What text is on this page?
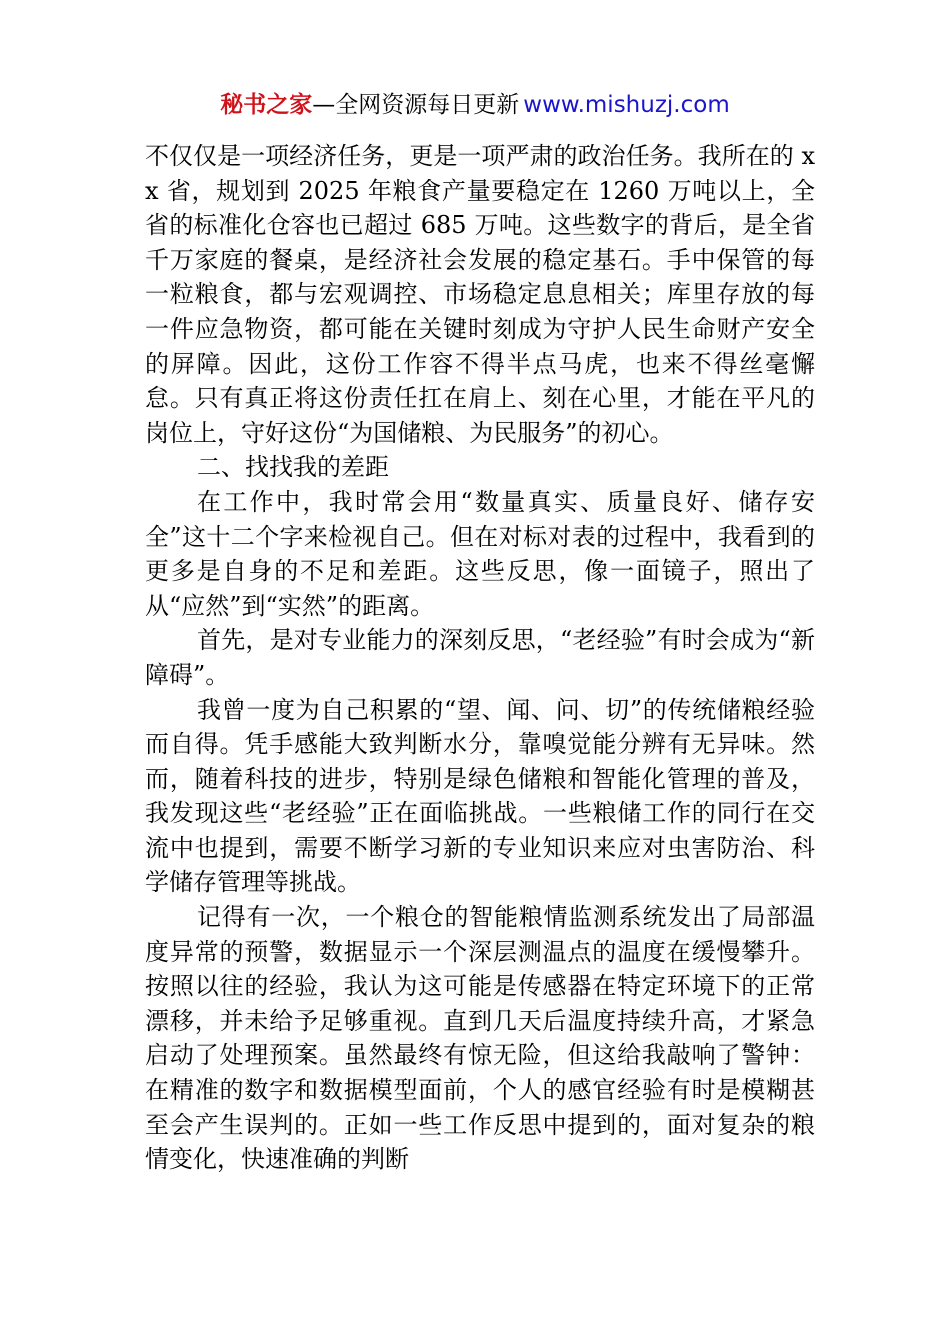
秘书之家—全网资源每日更新 www.mishuzj.com

不仅仅是一项经济任务，更是一项严肃的政治任务。我所在的 xx 省，规划到 2025 年粮食产量要稳定在 1260 万吨以上，全省的标准化仓容也已超过 685 万吨。这些数字的背后，是全省千万家庭的餐桌，是经济社会发展的稳定基石。手中保管的每一粒粮食，都与宏观调控、市场稳定息息相关；库里存放的每一件应急物资，都可能在关键时刻成为守护人民生命财产安全的屏障。因此，这份工作容不得半点马虎，也来不得丝毫懈怠。只有真正将这份责任扛在肩上、刻在心里，才能在平凡的岗位上，守好这份“为国储粮、为民服务”的初心。

二、找找我的差距

在工作中，我时常会用“数量真实、质量良好、储存安全”这十二个字来检视自己。但在对标对表的过程中，我看到的更多是自身的不足和差距。这些反思，像一面镜子，照出了从“应然”到“实然”的距离。

首先，是对专业能力的深刻反思，“老经验”有时会成为“新障碍”。

我曾一度为自己积累的“望、闻、问、切”的传统储粮经验而自得。凭手感能大致判断水分，靠嗅觉能分辨有无异味。然而，随着科技的进步，特别是绿色储粮和智能化管理的普及，我发现这些“老经验”正在面临挑战。一些粮储工作的同行在交流中也提到，需要不断学习新的专业知识来应对虫害防治、科学储存管理等挑战。

记得有一次，一个粮仓的智能粮情监测系统发出了局部温度异常的预警，数据显示一个深层测温点的温度在缓慢攀升。按照以往的经验，我认为这可能是传感器在特定环境下的正常漂移，并未给予足够重视。直到几天后温度持续升高，才紧急启动了处理预案。虽然最终有惊无险，但这给我敲响了警钟：在精准的数字和数据模型面前，个人的感官经验有时是模糊甚至会产生误判的。正如一些工作反思中提到的，面对复杂的粮情变化，快速准确的判断
